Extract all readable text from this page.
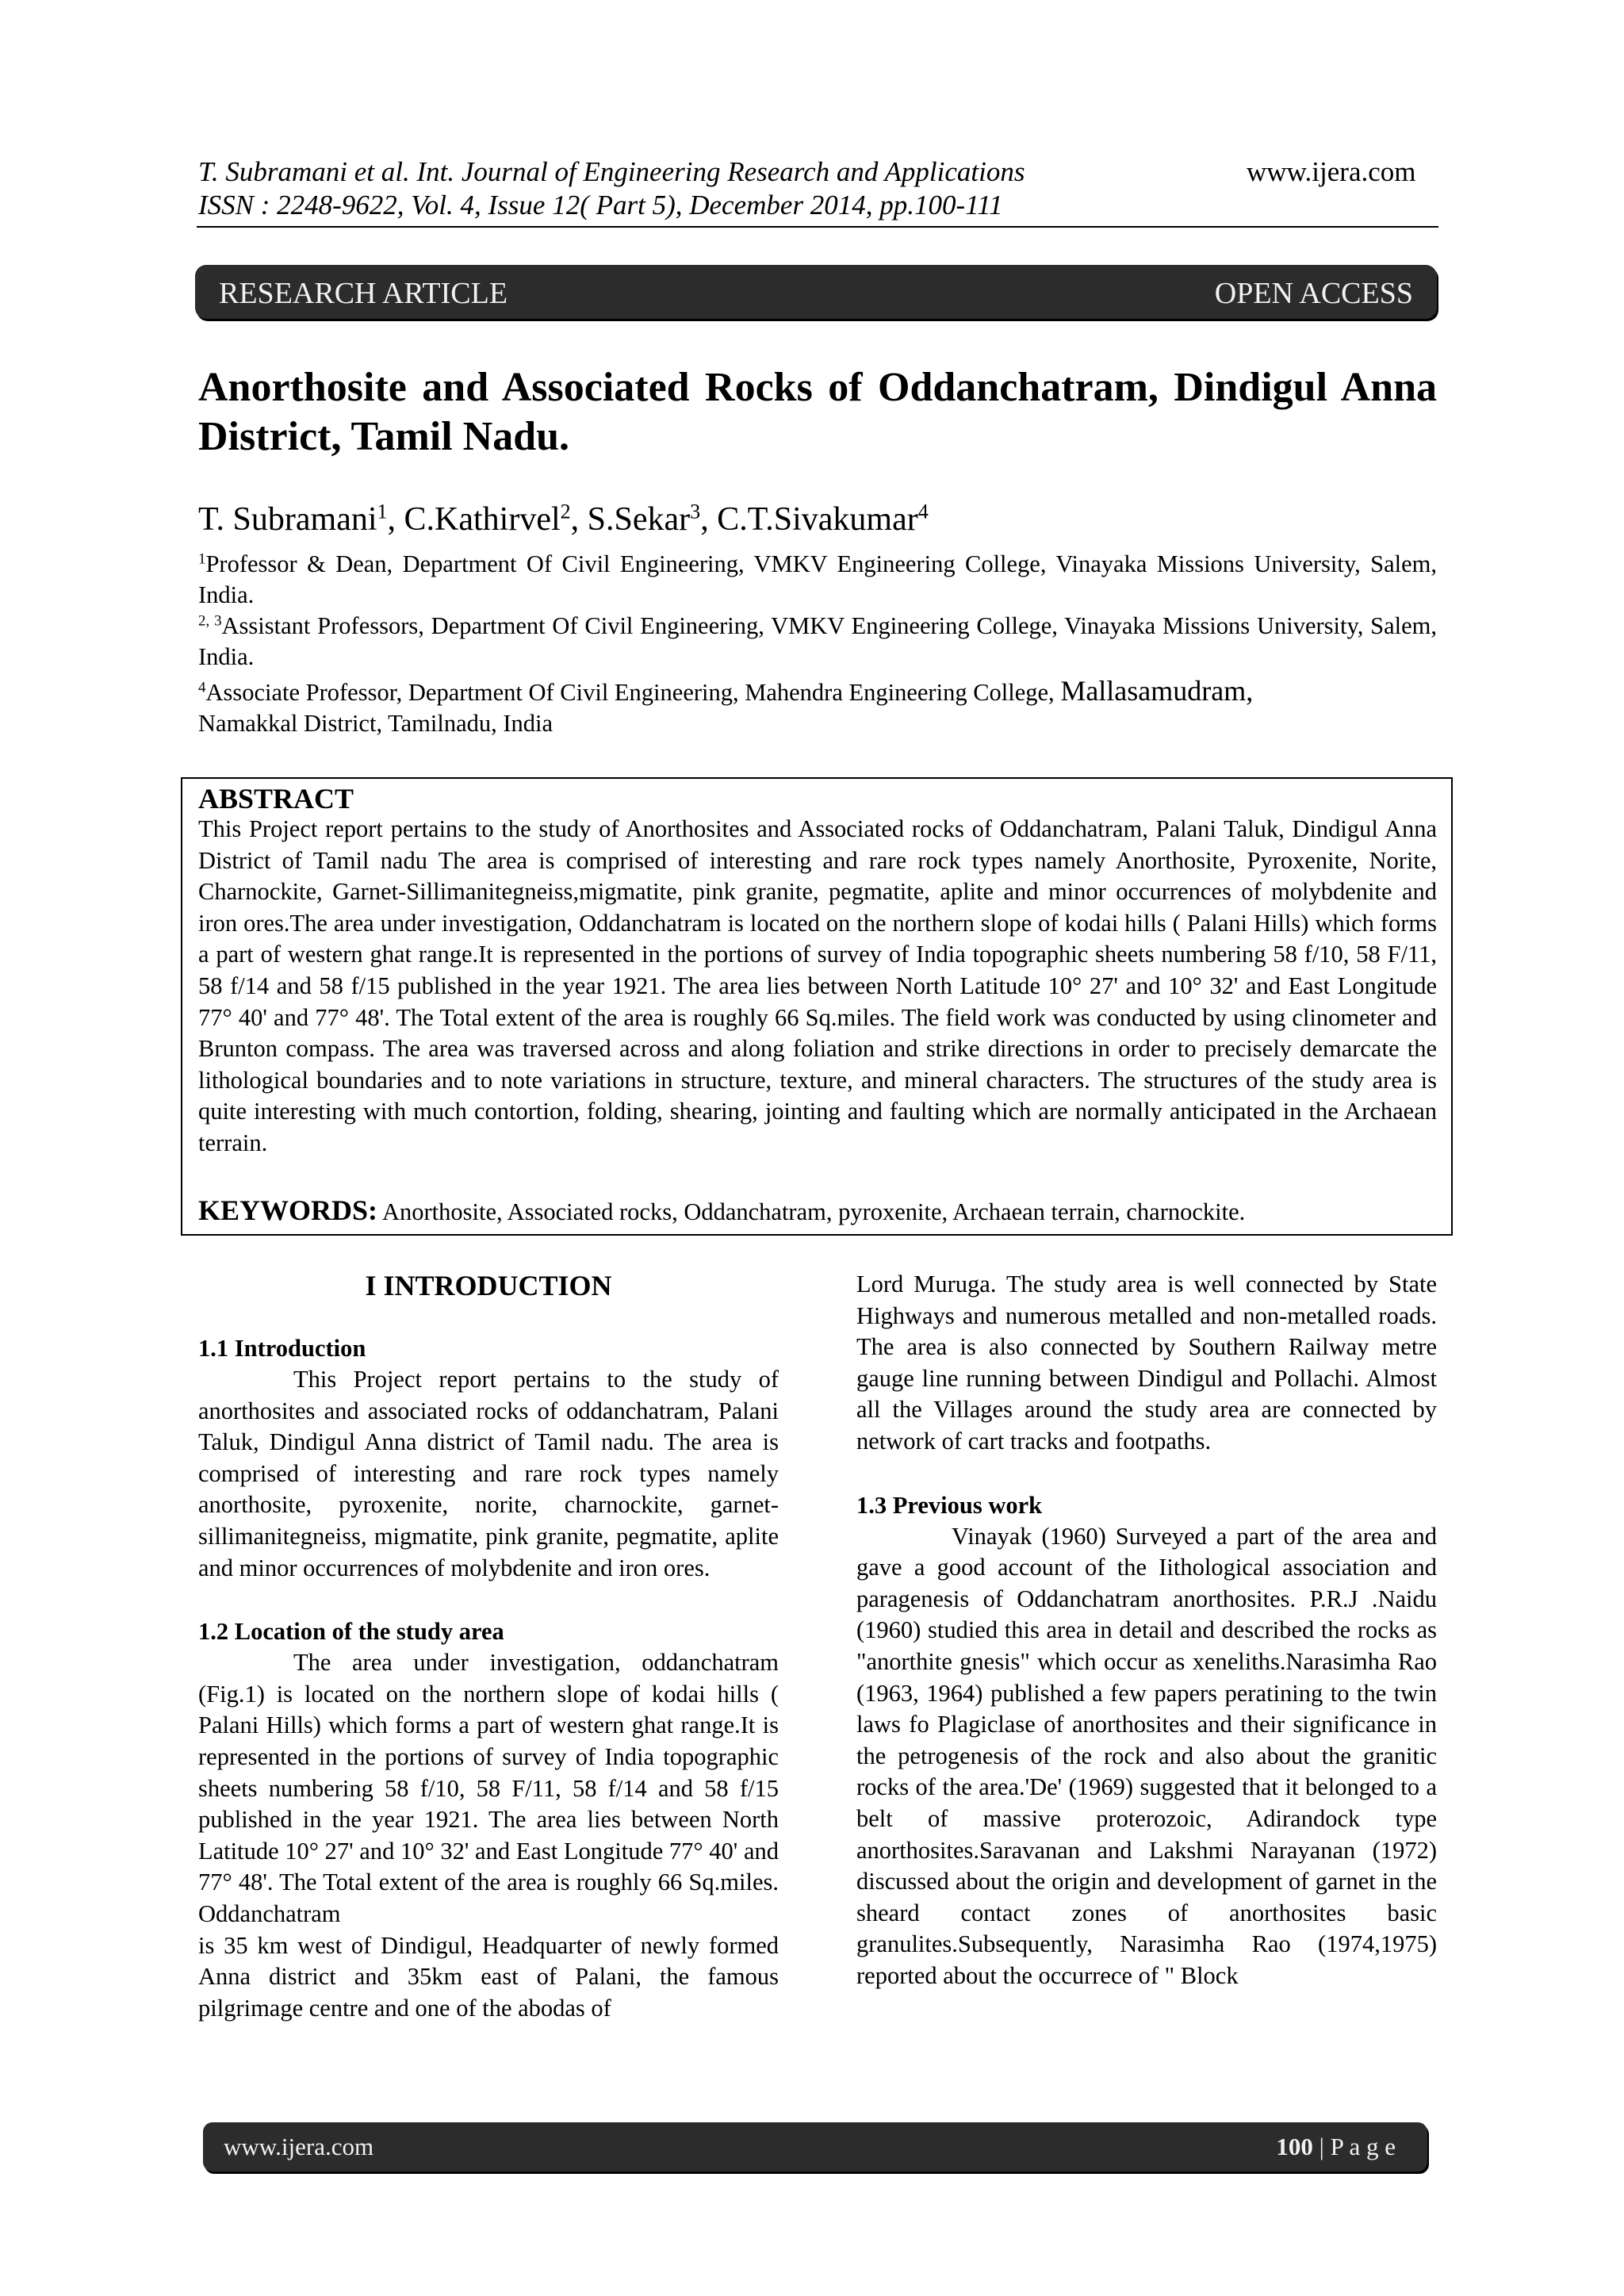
T. Subramani et al. Int. Journal of Engineering Research and Applications
ISSN : 2248-9622, Vol. 4, Issue 12( Part 5), December 2014, pp.100-111
www.ijera.com
RESEARCH ARTICLE	OPEN ACCESS
Anorthosite and Associated Rocks of Oddanchatram, Dindigul Anna District, Tamil Nadu.
T. Subramani$^1$, C.Kathirvel$^2$, S.Sekar$^3$, C.T.Sivakumar$^4$
$^1$Professor & Dean, Department Of Civil Engineering, VMKV Engineering College, Vinayaka Missions University, Salem, India.
$^{2, 3}$Assistant Professors, Department Of Civil Engineering, VMKV Engineering College, Vinayaka Missions University, Salem, India.
$^4$Associate Professor, Department Of Civil Engineering, Mahendra Engineering College, Mallasamudram,
Namakkal District, Tamilnadu, India
ABSTRACT
This Project report pertains to the study of Anorthosites and Associated rocks of Oddanchatram, Palani Taluk, Dindigul Anna District of Tamil nadu The area is comprised of interesting and rare rock types namely Anorthosite, Pyroxenite, Norite, Charnockite, Garnet-Sillimanitegneiss,migmatite, pink granite, pegmatite, aplite and minor occurrences of molybdenite and iron ores.The area under investigation, Oddanchatram is located on the northern slope of kodai hills ( Palani Hills) which forms a part of western ghat range.It is represented in the portions of survey of India topographic sheets numbering 58 f/10, 58 F/11, 58 f/14 and 58 f/15 published in the year 1921. The area lies between North Latitude 10° 27' and 10° 32' and East Longitude 77° 40' and 77° 48'. The Total extent of the area is roughly 66 Sq.miles. The field work was conducted by using clinometer and Brunton compass. The area was traversed across and along foliation and strike directions in order to precisely demarcate the lithological boundaries and to note variations in structure, texture, and mineral characters. The structures of the study area is quite interesting with much contortion, folding, shearing, jointing and faulting which are normally anticipated in the Archaean terrain.
KEYWORDS: Anorthosite, Associated rocks, Oddanchatram, pyroxenite, Archaean terrain, charnockite.
I INTRODUCTION
1.1 Introduction

This Project report pertains to the study of anorthosites and associated rocks of oddanchatram, Palani Taluk, Dindigul Anna district of Tamil nadu. The area is comprised of interesting and rare rock types namely anorthosite, pyroxenite, norite, charnockite, garnet- sillimanitegneiss, migmatite, pink granite, pegmatite, aplite and minor occurrences of molybdenite and iron ores.

1.2 Location of the study area

The area under investigation, oddanchatram (Fig.1) is located on the northern slope of kodai hills ( Palani Hills) which forms a part of western ghat range.It is represented in the portions of survey of India topographic sheets numbering 58 f/10, 58 F/11, 58 f/14 and 58 f/15 published in the year 1921. The area lies between North Latitude 10° 27' and 10° 32' and East Longitude 77° 40' and 77° 48'. The Total extent of the area is roughly 66 Sq.miles. Oddanchatram

is 35 km west of Dindigul, Headquarter of newly formed Anna district and 35km east of Palani, the famous pilgrimage centre and one of the abodas of

Lord Muruga. The study area is well connected by State Highways and numerous metalled and non-metalled roads. The area is also connected by Southern Railway metre gauge line running between Dindigul and Pollachi. Almost all the Villages around the study area are connected by network of cart tracks and footpaths.

1.3 Previous work

Vinayak (1960) Surveyed a part of the area and gave a good account of the Iithological association and paragenesis of Oddanchatram anorthosites. P.R.J .Naidu (1960) studied this area in detail and described the rocks as "anorthite gnesis" which occur as xeneliths.Narasimha Rao (1963, 1964) published a few papers peratining to the twin laws fo Plagiclase of anorthosites and their significance in the petrogenesis of the rock and also about the granitic rocks of the area.'De' (1969) suggested that it belonged to a belt of massive proterozoic, Adirandock type anorthosites.Saravanan and Lakshmi Narayanan (1972) discussed about the origin and development of garnet in the sheard contact zones of anorthosites basic granulites.Subsequently, Narasimha Rao (1974,1975) reported about the occurrece of " Block

www.ijera.com	100 | P a g e
